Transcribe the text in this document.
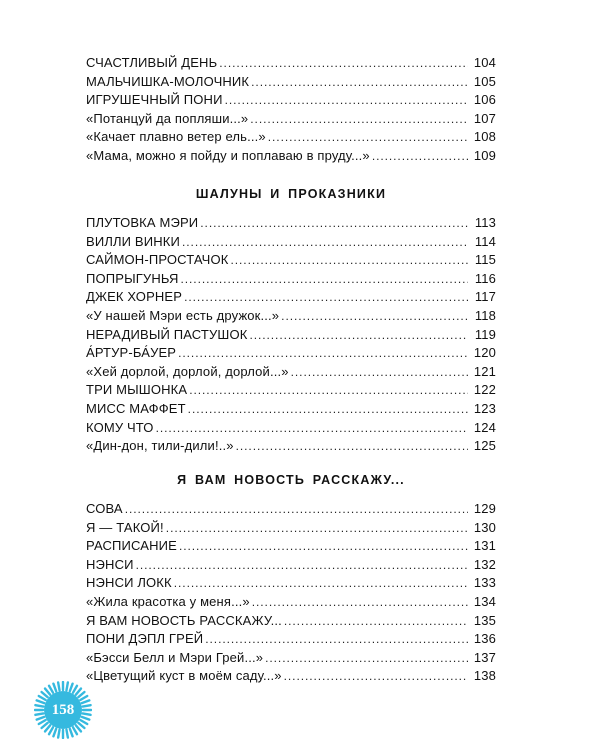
СЧАСТЛИВЫЙ ДЕНЬ . . .	104
МАЛЬЧИШКА-МОЛОЧНИК . . .	105
ИГРУШЕЧНЫЙ ПОНИ . . .	106
«Потанцуй да попляши...» . . .	107
«Качает плавно ветер ель...» . . .	108
«Мама, можно я пойду и поплаваю в пруду...» . . .	109
ШАЛУНЫ И ПРОКАЗНИКИ
ПЛУТОВКА МЭРИ . . .	113
ВИЛЛИ ВИНКИ . . .	114
САЙМОН-ПРОСТАЧОК . . .	115
ПОПРЫГУНЬЯ . . .	116
ДЖЕК ХОРНЕР . . .	117
«У нашей Мэри есть дружок...» . . .	118
НЕРАДИВЫЙ ПАСТУШОК . . .	119
А́РТУР-БА́УЕР . . .	120
«Хей дорлой, дорлой, дорлой...» . . .	121
ТРИ МЫШОНКА . . .	122
МИСС МАФФЕТ . . .	123
КОМУ ЧТО . . .	124
«Дин-дон, тили-дили!..» . . .	125
Я ВАМ НОВОСТЬ РАССКАЖУ...
СОВА . . .	129
Я — ТАКОЙ! . . .	130
РАСПИСАНИЕ . . .	131
НЭНСИ . . .	132
НЭНСИ ЛОКК . . .	133
«Жила красотка у меня...» . . .	134
Я ВАМ НОВОСТЬ РАССКАЖУ... . . .	135
ПОНИ ДЭПЛ ГРЕЙ . . .	136
«Бэсси Белл и Мэри Грей...» . . .	137
«Цветущий куст в моём саду...» . . .	138
158
